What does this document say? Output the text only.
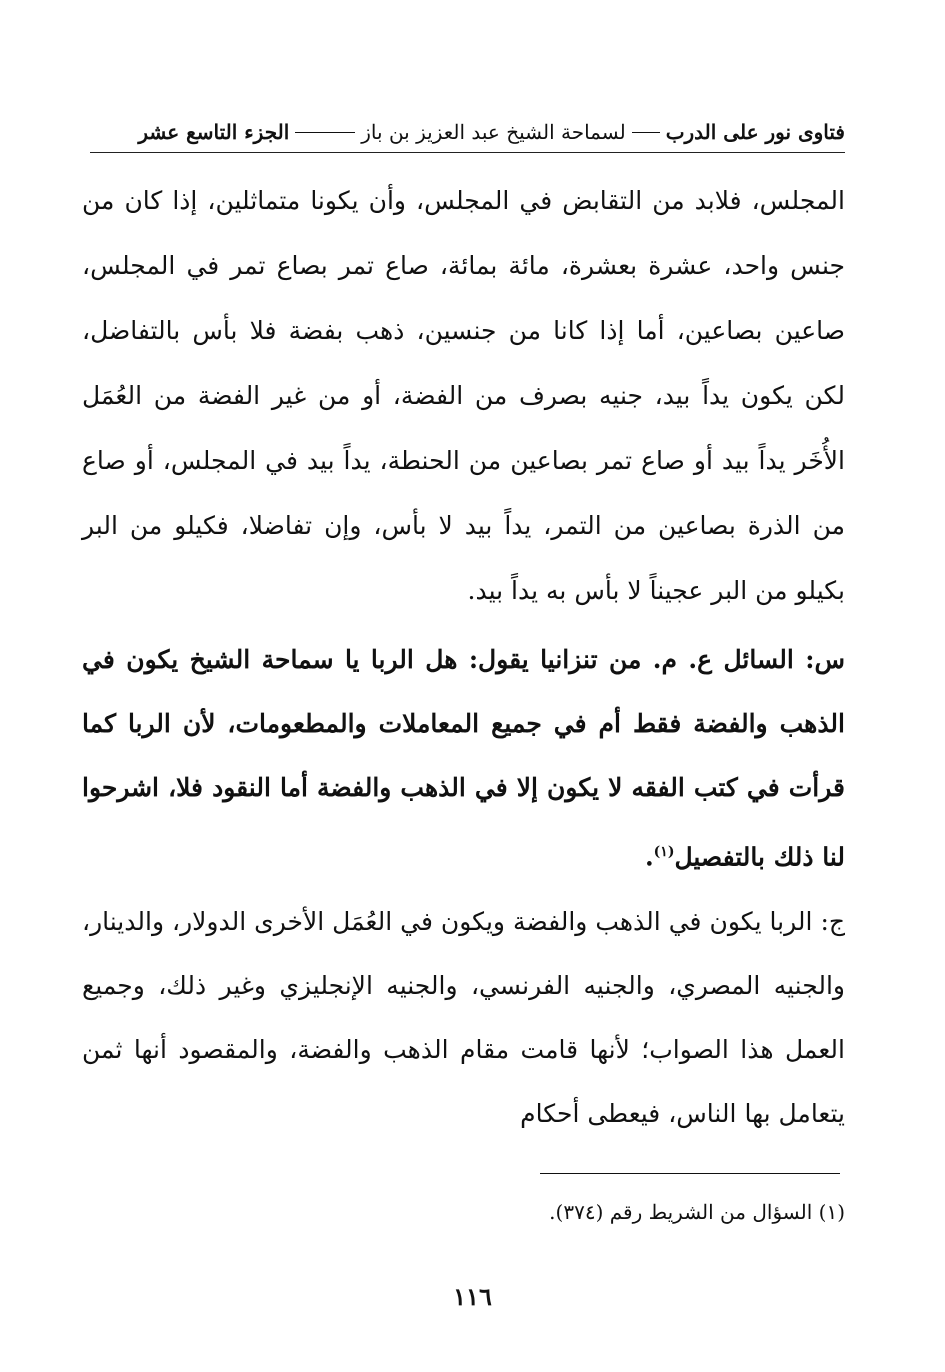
فتاوى نور على الدرب
لسماحة الشيخ عبد العزيز بن باز
الجزء التاسع عشر
المجلس، فلابد من التقابض في المجلس، وأن يكونا متماثلين، إذا كان من جنس واحد، عشرة بعشرة، مائة بمائة، صاع تمر بصاع تمر في المجلس، صاعين بصاعين، أما إذا كانا من جنسين، ذهب بفضة فلا بأس بالتفاضل، لكن يكون يداً بيد، جنيه بصرف من الفضة، أو من غير الفضة من العُمَل الأُخَر يداً بيد أو صاع تمر بصاعين من الحنطة، يداً بيد في المجلس، أو صاع من الذرة بصاعين من التمر، يداً بيد لا بأس، وإن تفاضلا، فكيلو من البر بكيلو من البر عجيناً لا بأس به يداً بيد.
س: السائل ع. م. من تنزانيا يقول: هل الربا يا سماحة الشيخ يكون في الذهب والفضة فقط أم في جميع المعاملات والمطعومات، لأن الربا كما قرأت في كتب الفقه لا يكون إلا في الذهب والفضة أما النقود فلا، اشرحوا لنا ذلك بالتفصيل$^{(١)}$.
ج: الربا يكون في الذهب والفضة ويكون في العُمَل الأخرى الدولار، والدينار، والجنيه المصري، والجنيه الفرنسي، والجنيه الإنجليزي وغير ذلك، وجميع العمل هذا الصواب؛ لأنها قامت مقام الذهب والفضة، والمقصود أنها ثمن يتعامل بها الناس، فيعطى أحكام
(١) السؤال من الشريط رقم (٣٧٤).
١١٦
